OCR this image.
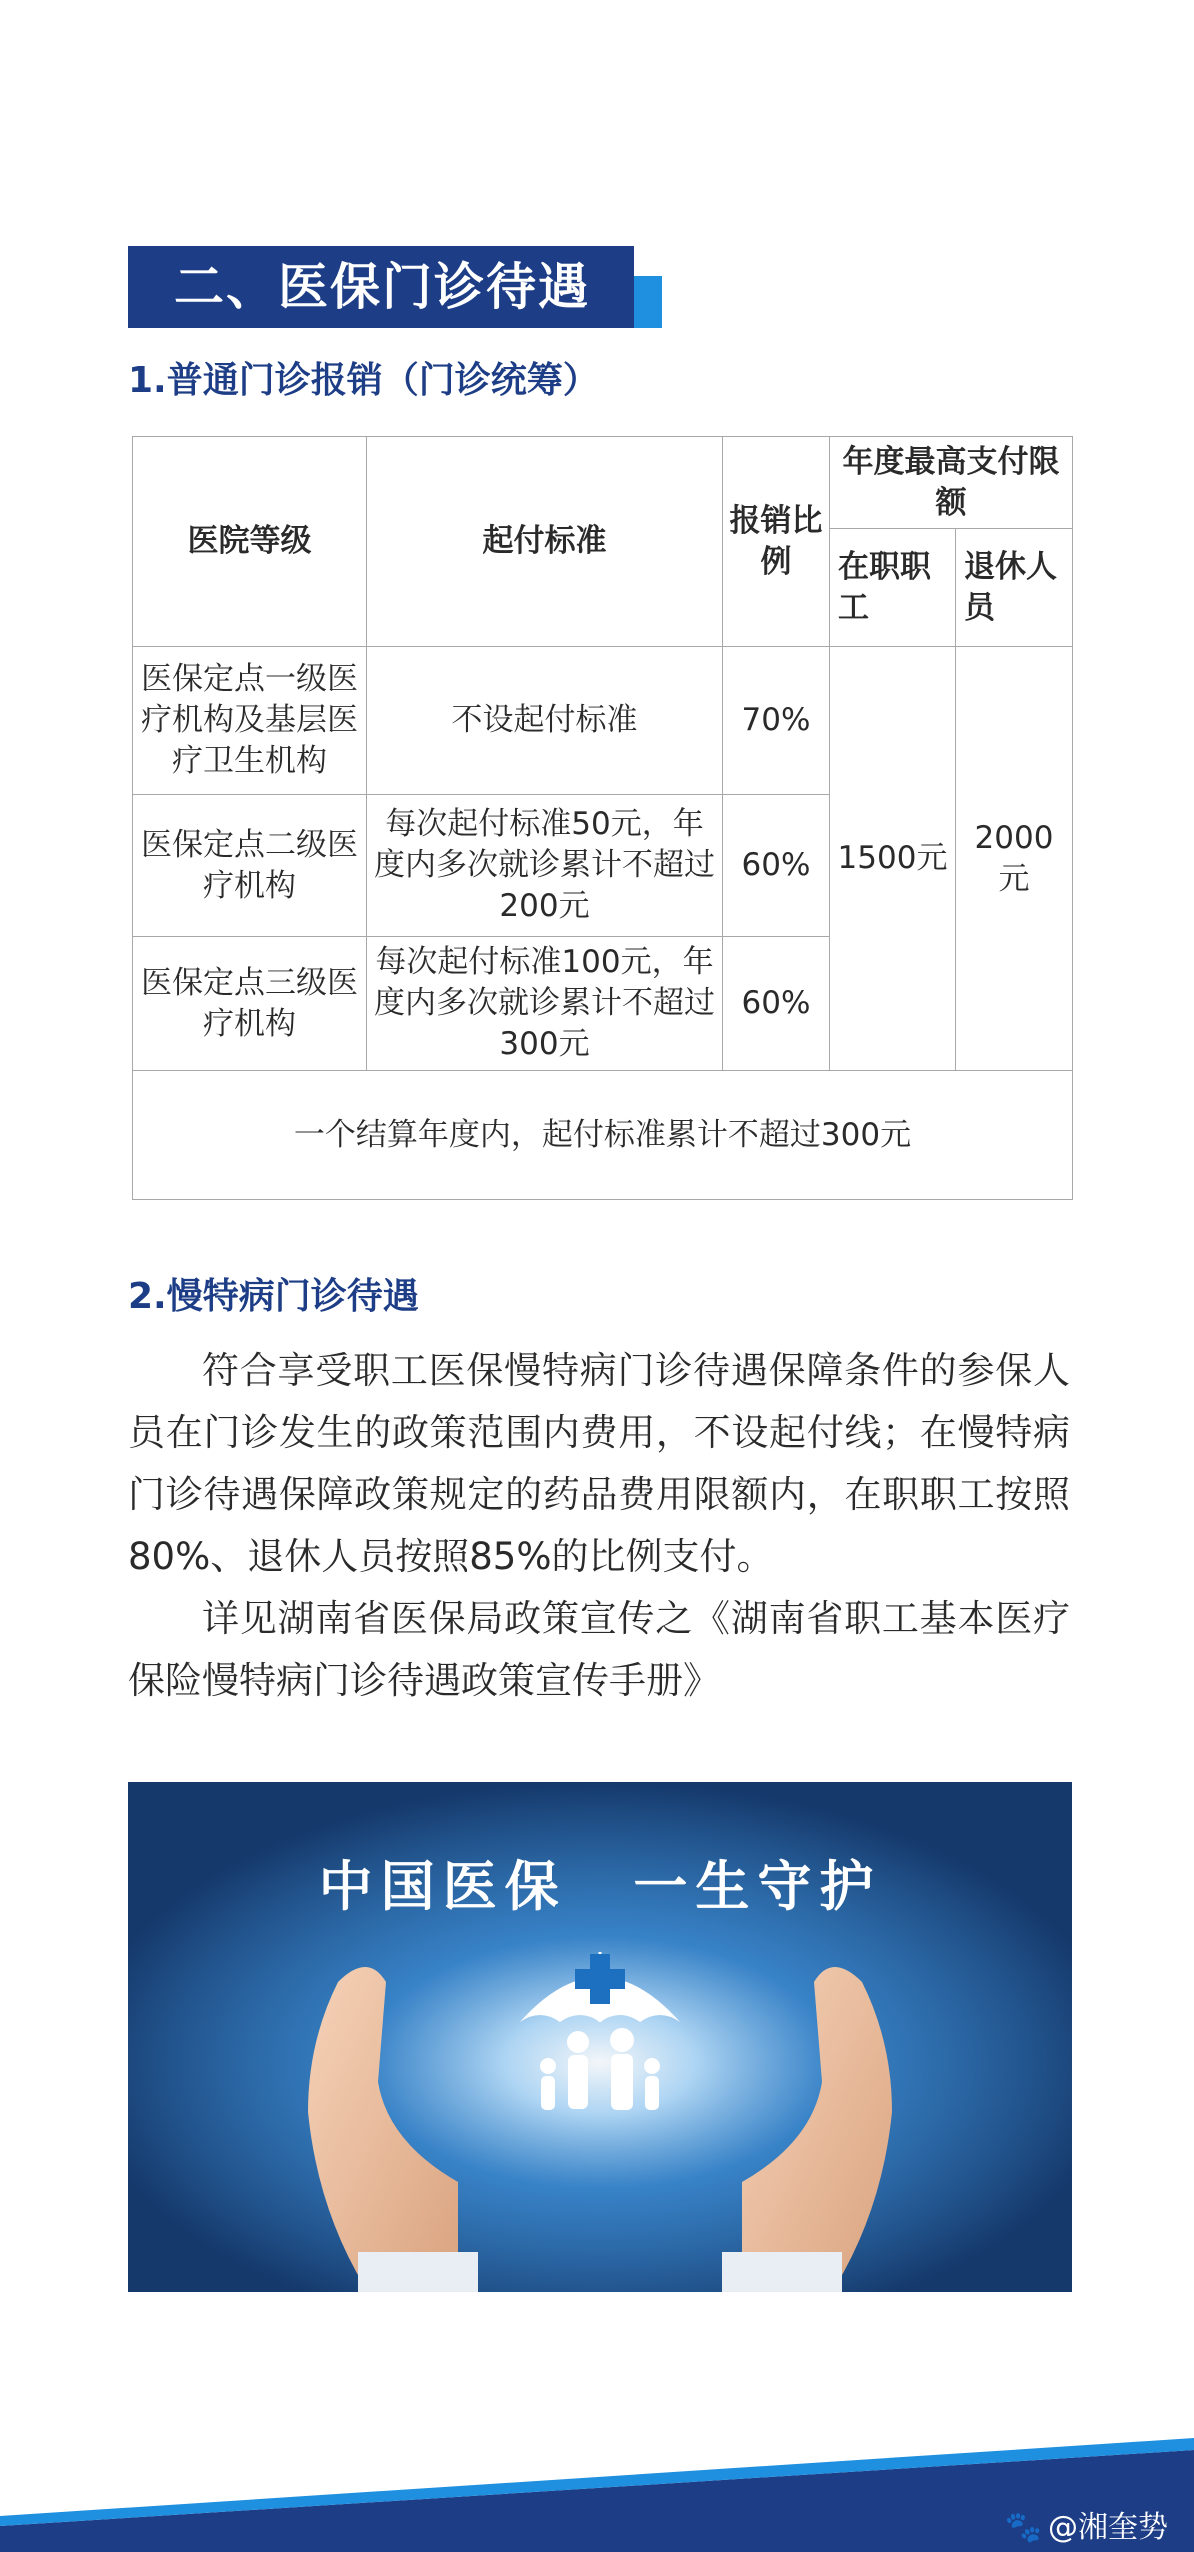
二、医保门诊待遇
1.普通门诊报销（门诊统筹）
医院等级	起付标准	报销比例	年度最高支付限额	
			在职职工	退休人员
医保定点一级医疗机构及基层医疗卫生机构	不设起付标准	70%	1500元	2000元
医保定点二级医疗机构	每次起付标准50元，年度内多次就诊累计不超过200元	60%		
医保定点三级医疗机构	每次起付标准100元，年度内多次就诊累计不超过300元	60%		
一个结算年度内，起付标准累计不超过300元				
2.慢特病门诊待遇

符合享受职工医保慢特病门诊待遇保障条件的参保人员在门诊发生的政策范围内费用，不设起付线；在慢特病门诊待遇保障政策规定的药品费用限额内，在职职工按照80%、退休人员按照85%的比例支付。

详见湖南省医保局政策宣传之《湖南省职工基本医疗保险慢特病门诊待遇政策宣传手册》

中国医保 一生守护
🐾 @湘奎势
